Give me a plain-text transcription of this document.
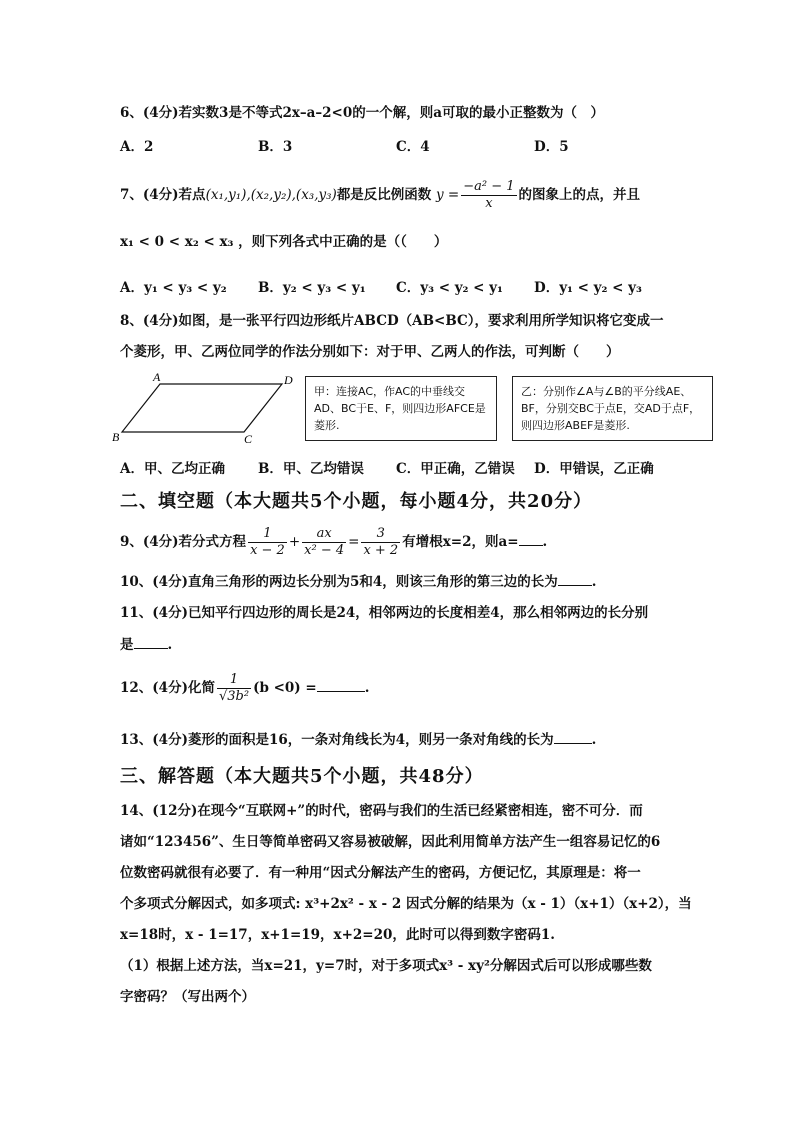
6、(4分)若实数3是不等式2x–a–2<0的一个解，则a可取的最小正整数为（　）
A．2	B．3	C．4	D．5
7、(4分)若点(x₁,y₁),(x₂,y₂),(x₃,y₃)都是反比例函数 $y = \frac{\text{−a² − 1}}{x}$ 的图象上的点，并且
x₁ < 0 < x₂ < x₃ ，则下列各式中正确的是（（　　）
A．y₁ < y₃ < y₂ B．y₂ < y₃ < y₁ C．y₃ < y₂ < y₁ D．y₁ < y₂ < y₃
8、(4分)如图，是一张平行四边形纸片ABCD（AB<BC），要求利用所学知识将它变成一
个菱形，甲、乙两位同学的作法分别如下：对于甲、乙两人的作法，可判断（　　）
A	D
B	C
甲：连接AC，作AC的中垂线交AD、BC于E、F，则四边形AFCE是菱形.
乙：分别作∠A与∠B的平分线AE、BF，分别交BC于点E，交AD于点F，则四边形ABEF是菱形.
A．甲、乙均正确 B．甲、乙均错误 C．甲正确，乙错误 D．甲错误，乙正确
二、填空题（本大题共5个小题，每小题4分，共20分）
9、(4分)若分式方程 $\frac{1}{x - 2} + \frac{ax}{\text{x² − 4}} = \frac{3}{x + 2}$ 有增根x=2，则a= .
10、(4分)直角三角形的两边长分别为5和4，则该三角形的第三边的长为	.
11、(4分)已知平行四边形的周长是24，相邻两边的长度相差4，那么相邻两边的长分别
是	.
12、(4分)化简 $\frac{1}{\text{√3b²}} (b <0)$ =	.
13、(4分)菱形的面积是16，一条对角线长为4，则另一条对角线的长为	.
三、解答题（本大题共5个小题，共48分）
14、(12分)在现今“互联网+”的时代，密码与我们的生活已经紧密相连，密不可分．而
诸如“123456”、生日等简单密码又容易被破解，因此利用简单方法产生一组容易记忆的6
位数密码就很有必要了．有一种用“因式分解法产生的密码，方便记忆，其原理是：将一
个多项式分解因式，如多项式: x³+2x² - x - 2 因式分解的结果为（x - 1）（x+1）（x+2），当
x=18时，x - 1=17，x+1=19，x+2=20，此时可以得到数字密码1.
（1）根据上述方法，当x=21，y=7时，对于多项式x³ - xy²分解因式后可以形成哪些数
字密码？（写出两个）
